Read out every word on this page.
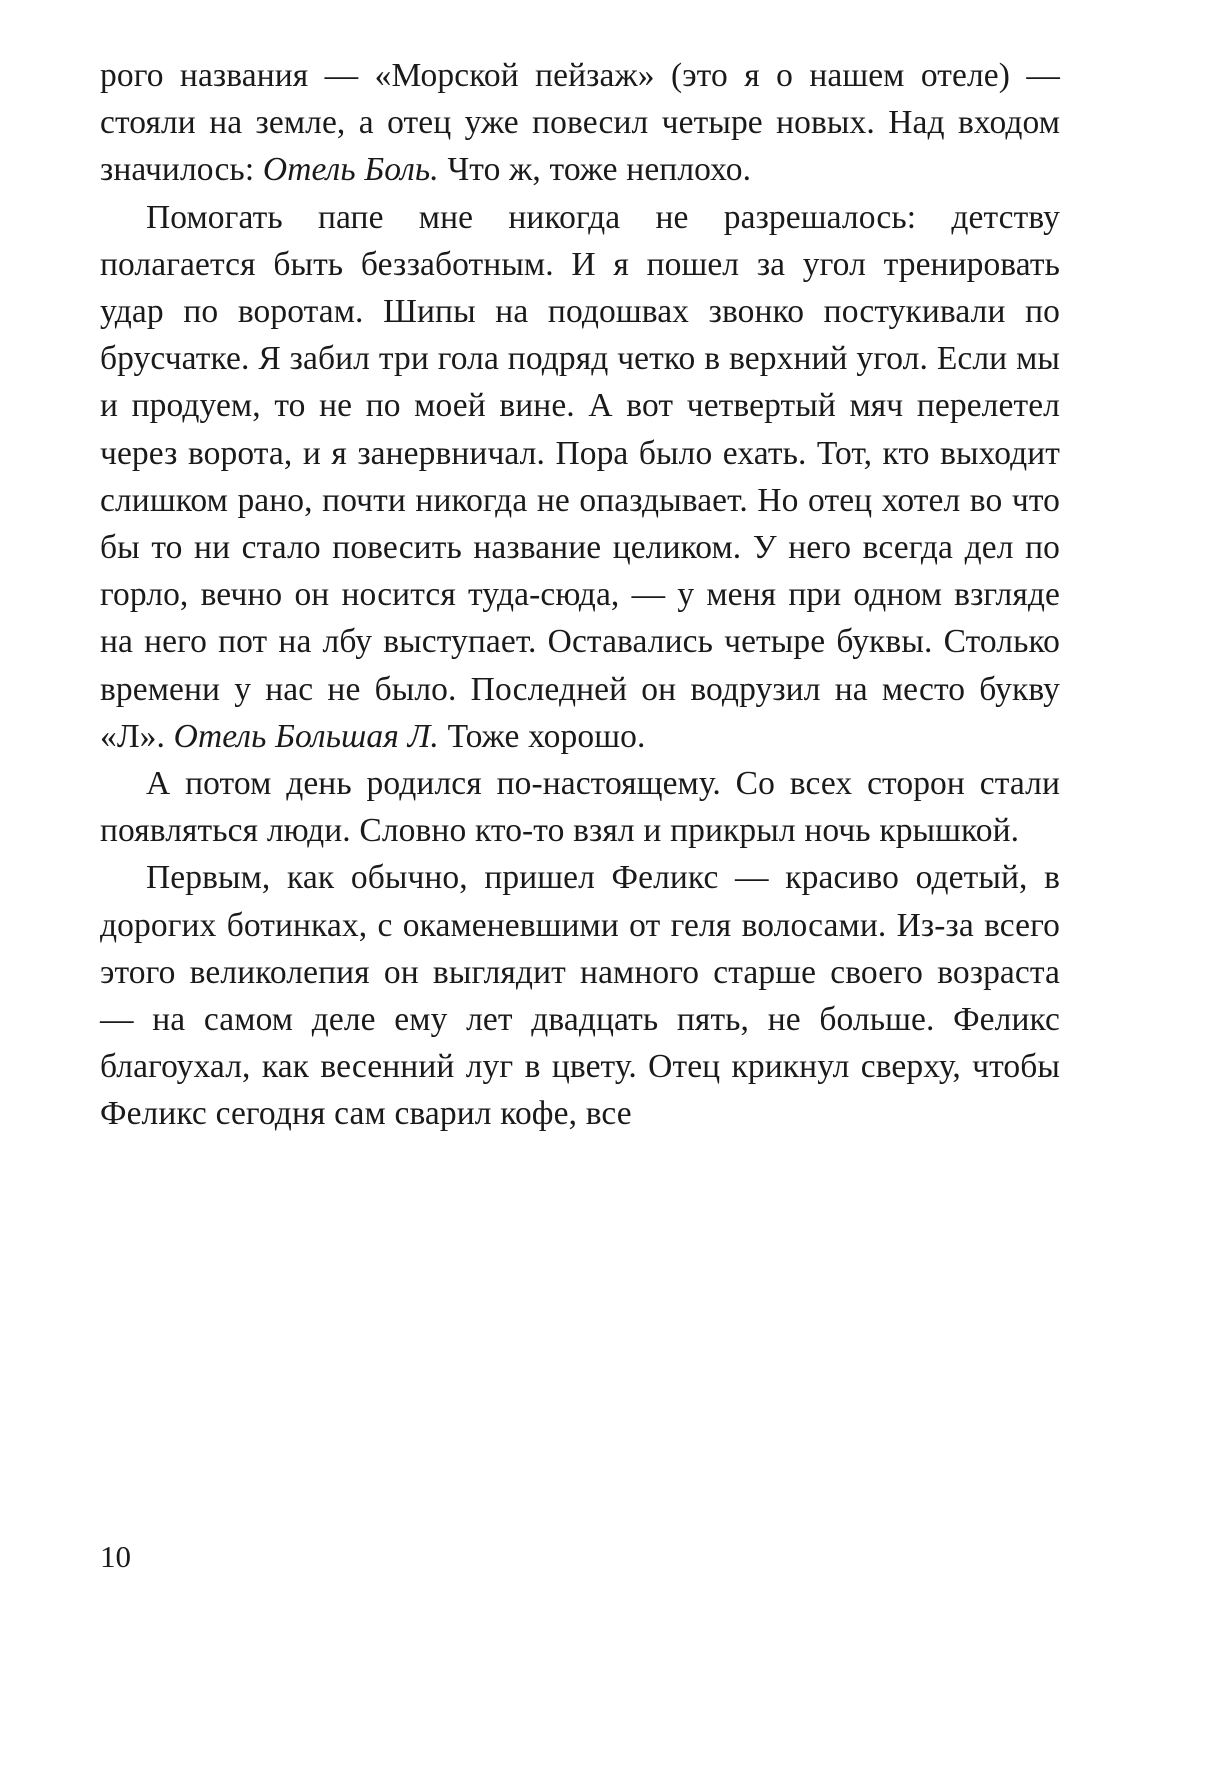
рого названия — «Морской пейзаж» (это я о нашем отеле) — стояли на земле, а отец уже повесил четыре новых. Над входом значилось: Отель Боль. Что ж, тоже неплохо.

Помогать папе мне никогда не разрешалось: детству полагается быть беззаботным. И я пошел за угол тренировать удар по воротам. Шипы на подошвах звонко постукивали по брусчатке. Я забил три гола подряд четко в верхний угол. Если мы и продуем, то не по моей вине. А вот четвертый мяч перелетел через ворота, и я занервничал. Пора было ехать. Тот, кто выходит слишком рано, почти никогда не опаздывает. Но отец хотел во что бы то ни стало повесить название целиком. У него всегда дел по горло, вечно он носится туда-сюда, — у меня при одном взгляде на него пот на лбу выступает. Оставались четыре буквы. Столько времени у нас не было. Последней он водрузил на место букву «Л». Отель Большая Л. Тоже хорошо.

А потом день родился по-настоящему. Со всех сторон стали появляться люди. Словно кто-то взял и прикрыл ночь крышкой.

Первым, как обычно, пришел Феликс — красиво одетый, в дорогих ботинках, с окаменевшими от геля волосами. Из-за всего этого великолепия он выглядит намного старше своего возраста — на самом деле ему лет двадцать пять, не больше. Феликс благоухал, как весенний луг в цвету. Отец крикнул сверху, чтобы Феликс сегодня сам сварил кофе, все

10
